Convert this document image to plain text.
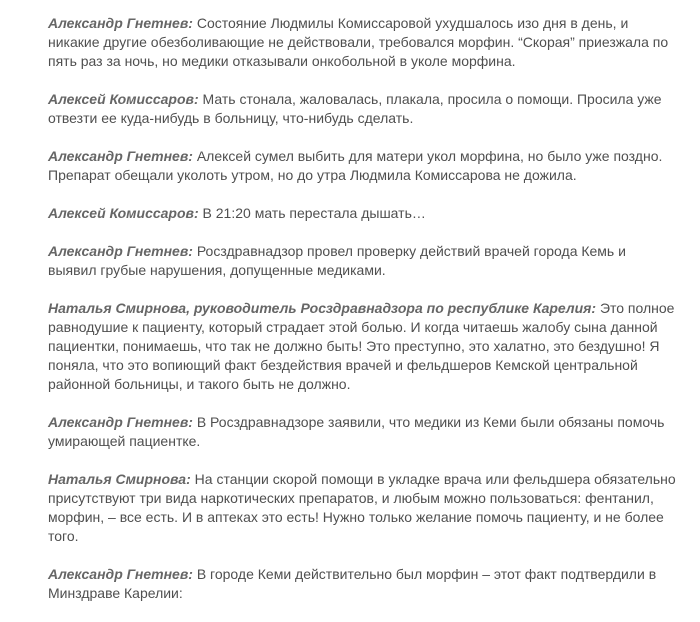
Александр Гнетнев: Состояние Людмилы Комиссаровой ухудшалось изо дня в день, и никакие другие обезболивающие не действовали, требовался морфин. “Скорая” приезжала по пять раз за ночь, но медики отказывали онкобольной в уколе морфина.

Алексей Комиссаров: Мать стонала, жаловалась, плакала, просила о помощи. Просила уже отвезти ее куда-нибудь в больницу, что-нибудь сделать.

Александр Гнетнев: Алексей сумел выбить для матери укол морфина, но было уже поздно. Препарат обещали уколоть утром, но до утра Людмила Комиссарова не дожила.

Алексей Комиссаров: В 21:20 мать перестала дышать…

Александр Гнетнев: Росздравнадзор провел проверку действий врачей города Кемь и выявил грубые нарушения, допущенные медиками.

Наталья Смирнова, руководитель Росздравнадзора по республике Карелия: Это полное равнодушие к пациенту, который страдает этой болью. И когда читаешь жалобу сына данной пациентки, понимаешь, что так не должно быть! Это преступно, это халатно, это бездушно! Я поняла, что это вопиющий факт бездействия врачей и фельдшеров Кемской центральной районной больницы, и такого быть не должно.

Александр Гнетнев: В Росздравнадзоре заявили, что медики из Кеми были обязаны помочь умирающей пациентке.

Наталья Смирнова: На станции скорой помощи в укладке врача или фельдшера обязательно присутствуют три вида наркотических препаратов, и любым можно пользоваться: фентанил, морфин, – все есть. И в аптеках это есть! Нужно только желание помочь пациенту, и не более того.

Александр Гнетнев: В городе Кеми действительно был морфин – этот факт подтвердили в Минздраве Карелии:
